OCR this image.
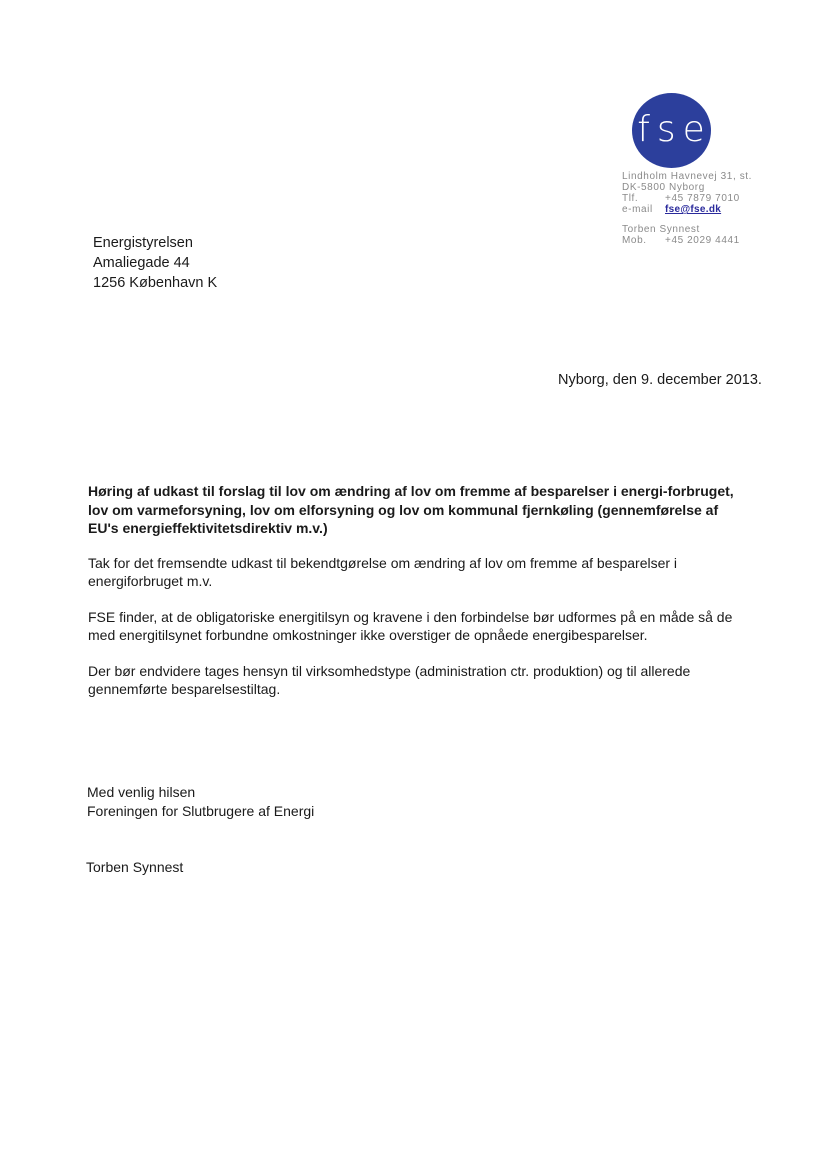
fse
Lindholm Havnevej 31, st.
DK-5800 Nyborg
Tlf.	+45 7879 7010
e-mail fse@fse.dk
Torben Synnest
Mob. +45 2029 4441
Energistyrelsen
Amaliegade 44
1256 København K
Nyborg, den 9. december 2013.

Høring af udkast til forslag til lov om ændring af lov om fremme af besparelser i energi-forbruget, lov om varmeforsyning, lov om elforsyning og lov om kommunal fjernkøling (gennemførelse af EU's energieffektivitetsdirektiv m.v.)

Tak for det fremsendte udkast til bekendtgørelse om ændring af lov om fremme af besparelser i energiforbruget m.v.

FSE finder, at de obligatoriske energitilsyn og kravene i den forbindelse bør udformes på en måde så de med energitilsynet forbundne omkostninger ikke overstiger de opnåede energibesparelser.

Der bør endvidere tages hensyn til virksomhedstype (administration ctr. produktion) og til allerede gennemførte besparelsestiltag.

Med venlig hilsen
Foreningen for Slutbrugere af Energi
Torben Synnest
